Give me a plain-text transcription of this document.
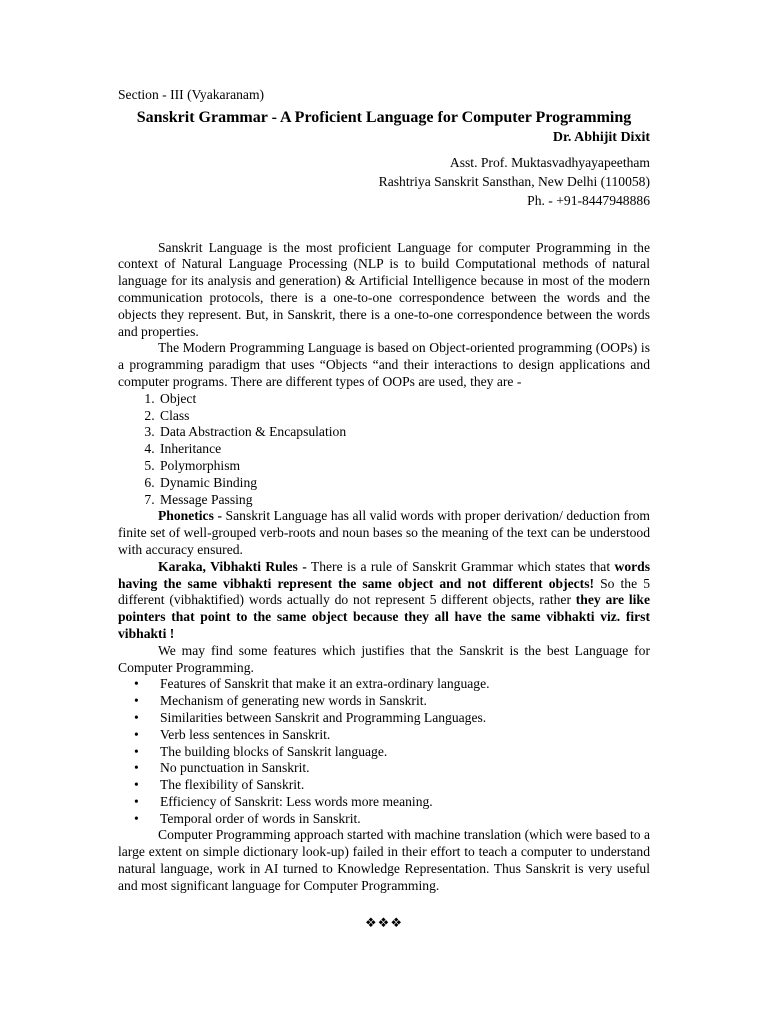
Section - III (Vyakaranam)
Sanskrit Grammar - A Proficient Language for Computer Programming
Dr. Abhijit Dixit
Asst. Prof. Muktasvadhyayapeetham
Rashtriya Sanskrit Sansthan, New Delhi (110058)
Ph. - +91-8447948886

Sanskrit Language is the most proficient Language for computer Programming in the context of Natural Language Processing (NLP is to build Computational methods of natural language for its analysis and generation) & Artificial Intelligence because in most of the modern communication protocols, there is a one-to-one correspondence between the words and the objects they represent. But, in Sanskrit, there is a one-to-one correspondence between the words and properties.

The Modern Programming Language is based on Object-oriented programming (OOPs) is a programming paradigm that uses “Objects “and their interactions to design applications and computer programs. There are different types of OOPs are used, they are -

1. Object
2. Class
3. Data Abstraction & Encapsulation
4. Inheritance
5. Polymorphism
6. Dynamic Binding
7. Message Passing

Phonetics - Sanskrit Language has all valid words with proper derivation/ deduction from finite set of well-grouped verb-roots and noun bases so the meaning of the text can be understood with accuracy ensured.

Karaka, Vibhakti Rules - There is a rule of Sanskrit Grammar which states that words having the same vibhakti represent the same object and not different objects! So the 5 different (vibhaktified) words actually do not represent 5 different objects, rather they are like pointers that point to the same object because they all have the same vibhakti viz. first vibhakti !

We may find some features which justifies that the Sanskrit is the best Language for Computer Programming.

• Features of Sanskrit that make it an extra-ordinary language.
• Mechanism of generating new words in Sanskrit.
• Similarities between Sanskrit and Programming Languages.
• Verb less sentences in Sanskrit.
• The building blocks of Sanskrit language.
• No punctuation in Sanskrit.
• The flexibility of Sanskrit.
• Efficiency of Sanskrit: Less words more meaning.
• Temporal order of words in Sanskrit.

Computer Programming approach started with machine translation (which were based to a large extent on simple dictionary look-up) failed in their effort to teach a computer to understand natural language, work in AI turned to Knowledge Representation. Thus Sanskrit is very useful and most significant language for Computer Programming.

❖❖❖
